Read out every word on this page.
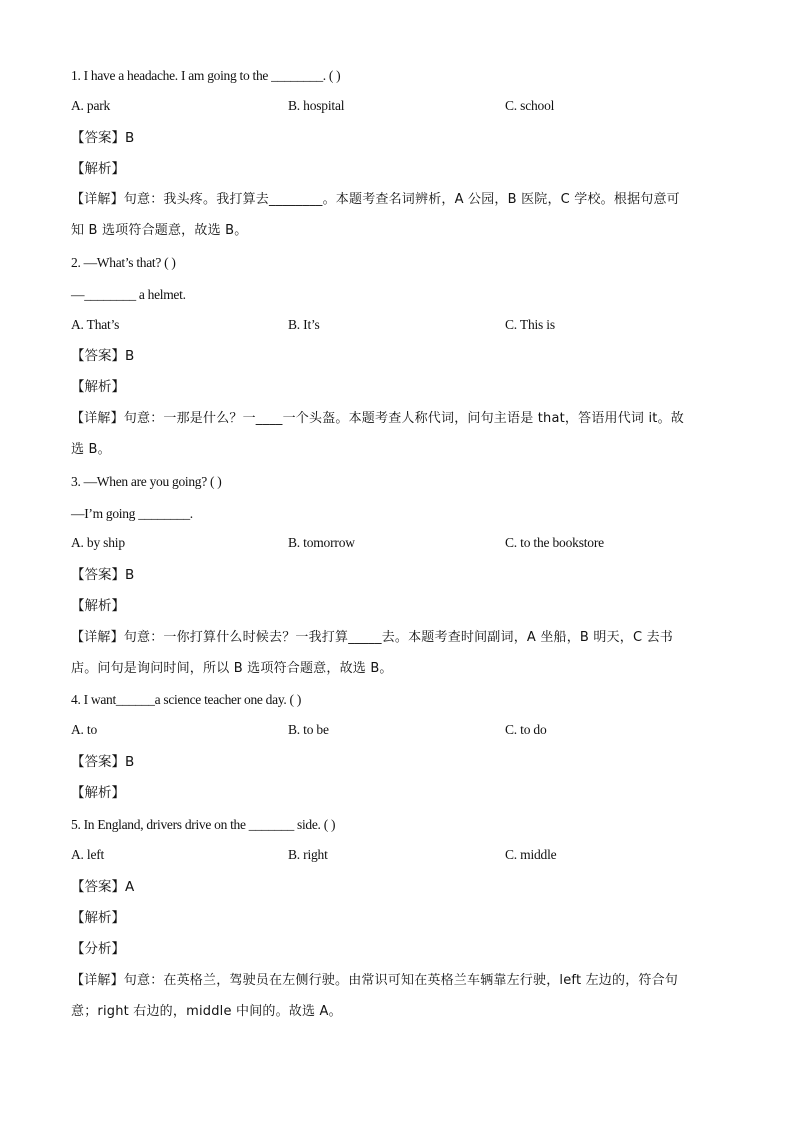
1. I have a headache. I am going to the ________. ( )
A. park	B. hospital	C. school
【答案】B
【解析】
【详解】句意：我头疼。我打算去________。本题考查名词辨析，A 公园，B 医院，C 学校。根据句意可
知 B 选项符合题意，故选 B。
2. —What’s that? ( )
—________ a helmet.
A. That’s	B. It’s	C. This is
【答案】B
【解析】
【详解】句意：一那是什么？一____一个头盔。本题考查人称代词，问句主语是 that，答语用代词 it。故
选 B。
3. —When are you going? ( )
—I’m going ________.
A. by ship	B. tomorrow	C. to the bookstore
【答案】B
【解析】
【详解】句意：一你打算什么时候去？一我打算_____去。本题考查时间副词，A 坐船，B 明天，C 去书
店。问句是询问时间，所以 B 选项符合题意，故选 B。
4. I want______a science teacher one day. ( )
A. to	B. to be	C. to do
【答案】B
【解析】
5. In England, drivers drive on the _______ side. ( )
A. left	B. right	C. middle
【答案】A
【解析】
【分析】
【详解】句意：在英格兰，驾驶员在左侧行驶。由常识可知在英格兰车辆靠左行驶，left 左边的，符合句
意；right 右边的，middle 中间的。故选 A。
